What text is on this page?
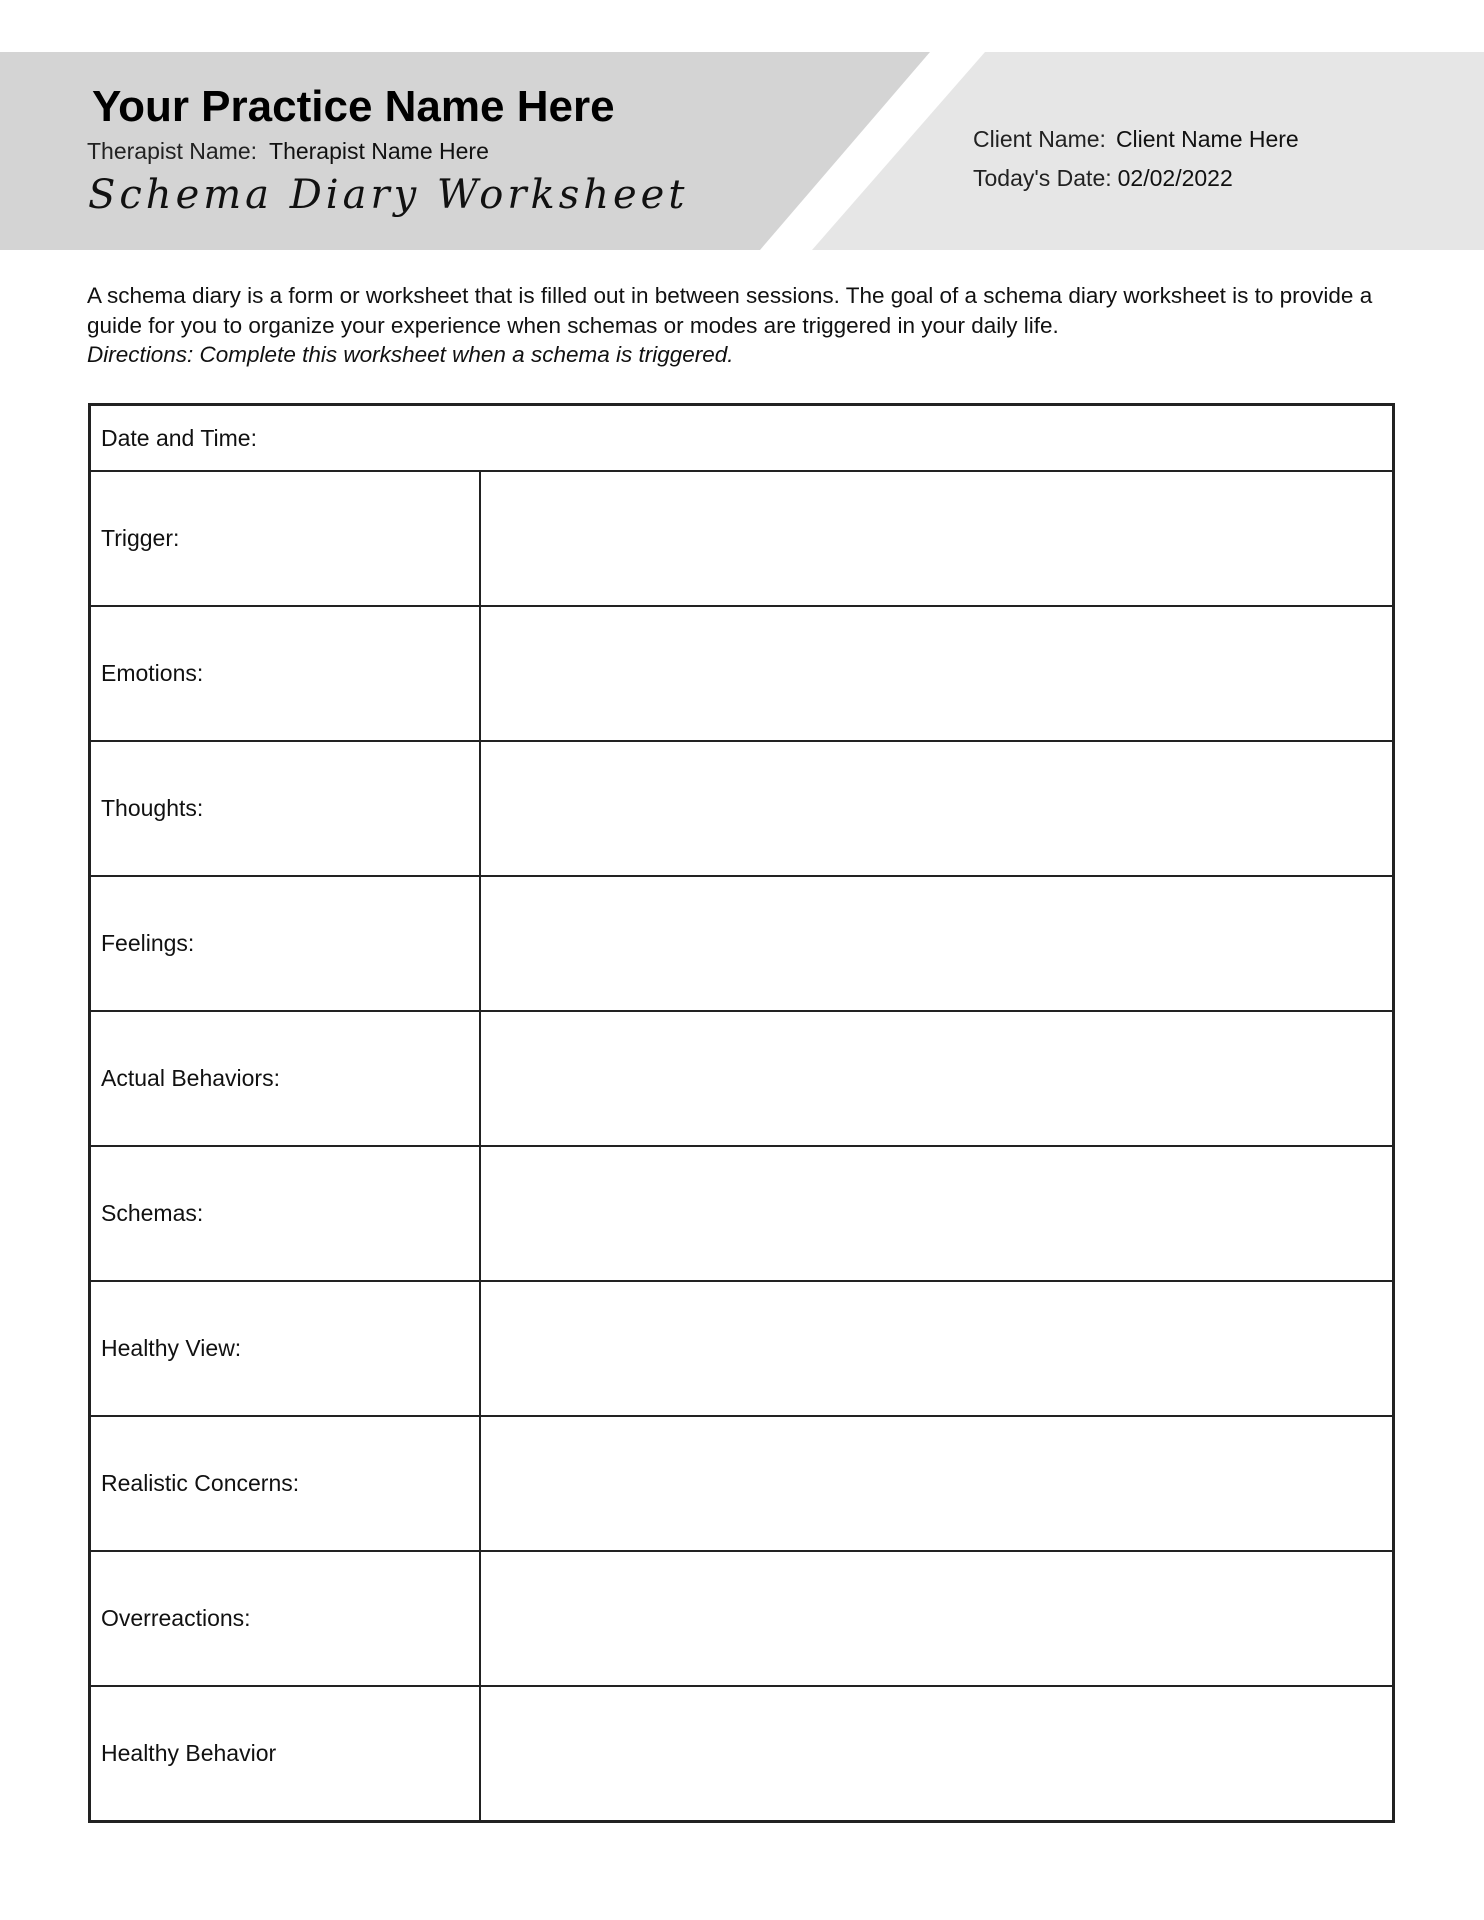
Your Practice Name Here
Therapist Name: Therapist Name Here
Schema Diary Worksheet
Client Name: Client Name Here
Today's Date: 02/02/2022

A schema diary is a form or worksheet that is filled out in between sessions. The goal of a schema diary worksheet is to provide a guide for you to organize your experience when schemas or modes are triggered in your daily life.

Directions: Complete this worksheet when a schema is triggered.

Date and Time:	
Trigger:	
Emotions:	
Thoughts:	
Feelings:	
Actual Behaviors:	
Schemas:	
Healthy View:	
Realistic Concerns:	
Overreactions:	
Healthy Behavior	
